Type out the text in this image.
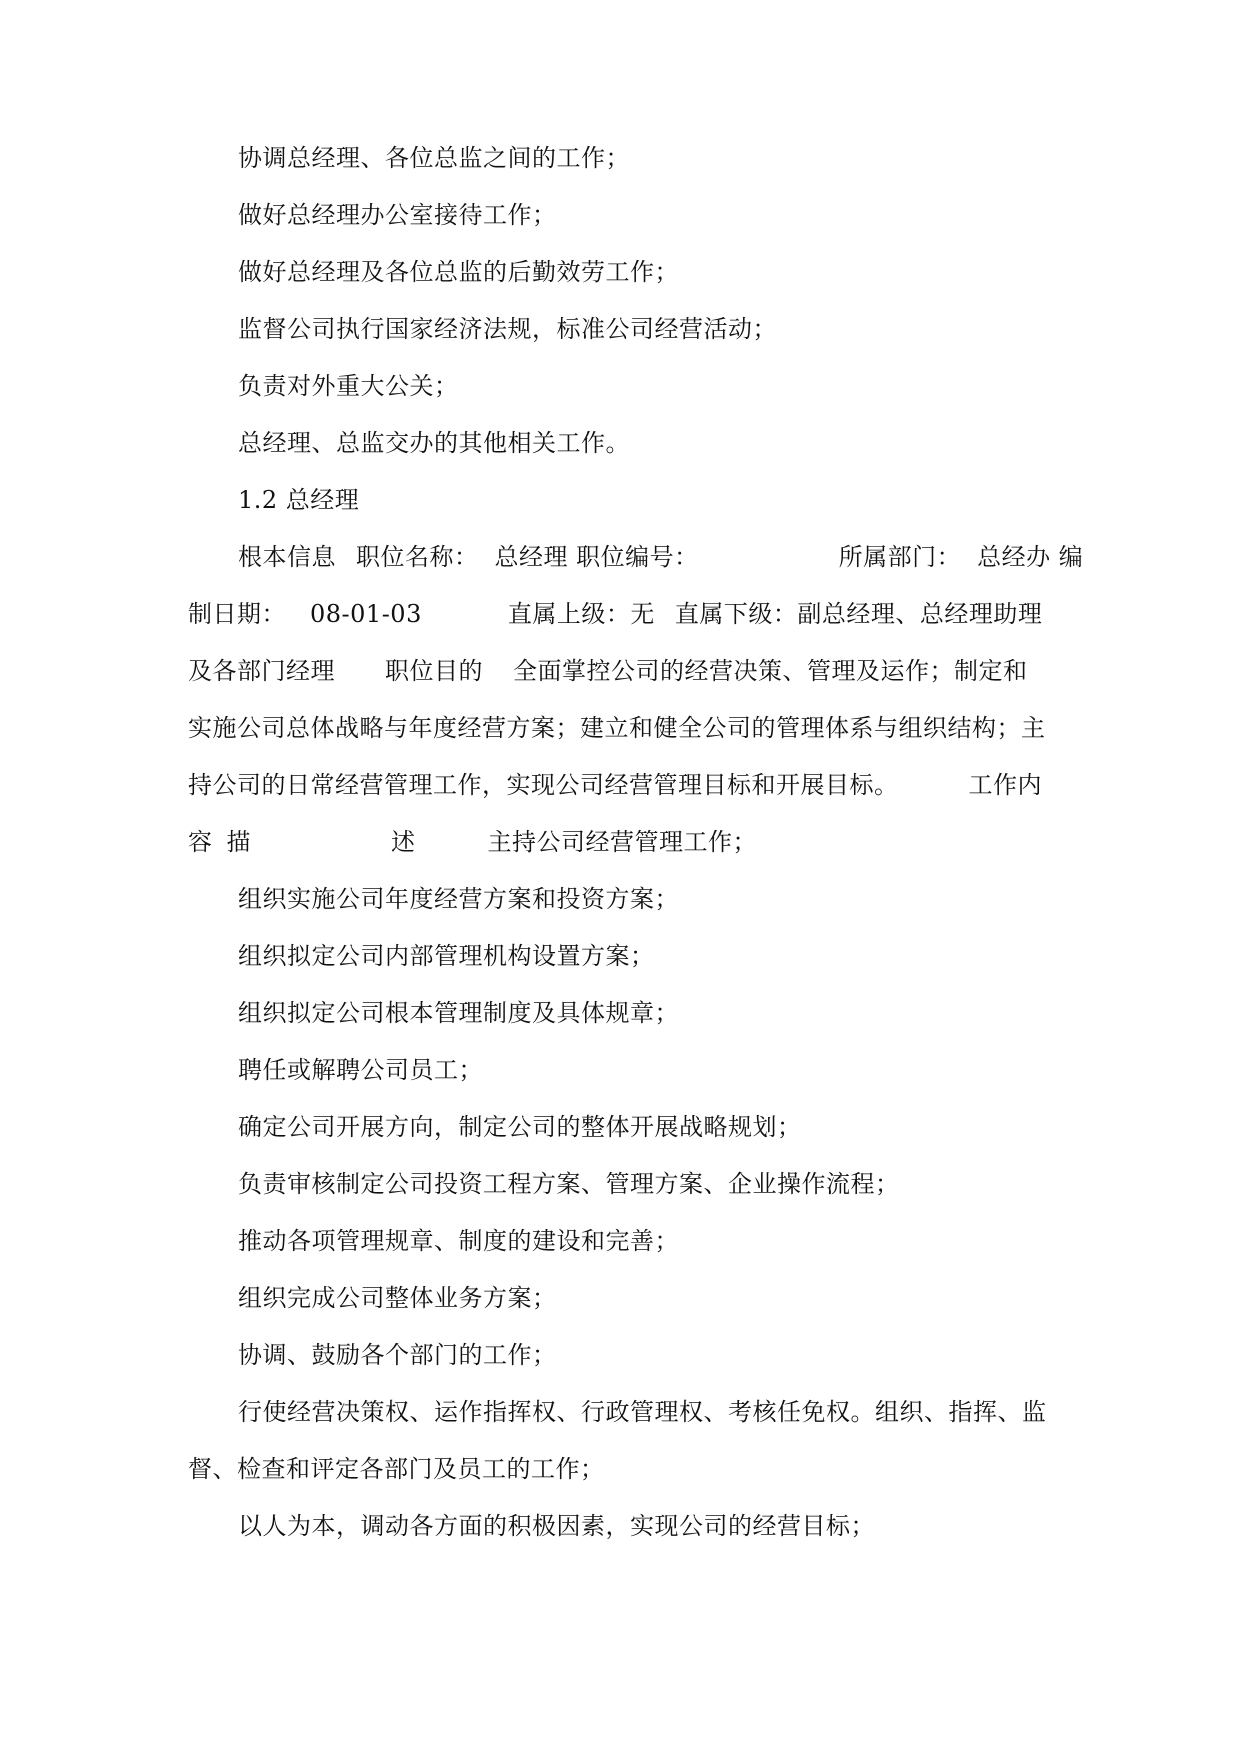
协调总经理、各位总监之间的工作；

做好总经理办公室接待工作；

做好总经理及各位总监的后勤效劳工作；

监督公司执行国家经济法规，标准公司经营活动；

负责对外重大公关；

总经理、总监交办的其他相关工作。

1.2 总经理

根本信息 职位名称： 总经理 职位编号：	所属部门： 总经办 编
制日期： 08-01-03	直属上级：无 直属下级：副总经理、总经理助理
及各部门经理 职位目的 全面掌控公司的经营决策、管理及运作；制定和
实施公司总体战略与年度经营方案；建立和健全公司的管理体系与组织结构；主
持公司的日常经营管理工作，实现公司经营管理目标和开展目标。	工作内
容 描	述	主持公司经营管理工作；

组织实施公司年度经营方案和投资方案；

组织拟定公司内部管理机构设置方案；

组织拟定公司根本管理制度及具体规章；

聘任或解聘公司员工；

确定公司开展方向，制定公司的整体开展战略规划；

负责审核制定公司投资工程方案、管理方案、企业操作流程；

推动各项管理规章、制度的建设和完善；

组织完成公司整体业务方案；

协调、鼓励各个部门的工作；

行使经营决策权、运作指挥权、行政管理权、考核任免权。组织、指挥、监
督、检查和评定各部门及员工的工作；

以人为本，调动各方面的积极因素，实现公司的经营目标；
